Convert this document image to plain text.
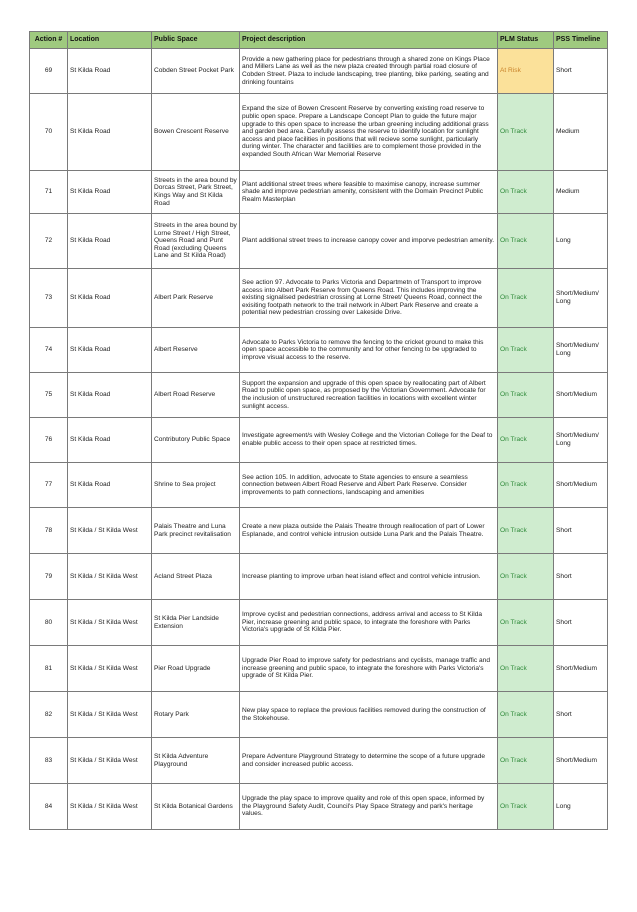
Action #	Location	Public Space	Project description	PLM Status	PSS Timeline
69	St Kilda Road	Cobden Street Pocket Park	Provide a new gathering place for pedestrians through a shared zone on Kings Place and Millers Lane as well as the new plaza created through partial road closure of Cobden Street. Plaza to include landscaping, tree planting, bike parking, seating and drinking fountains	At Risk	Short
70	St Kilda Road	Bowen Crescent Reserve	Expand the size of Bowen Crescent Reserve by converting existing road reserve to public open space. Prepare a Landscape Concept Plan to guide the future major upgrade to this open space to increase the urban greening including additional grass and garden bed area. Carefully assess the reserve to identify location for sunlight access and place facilities in positions that will recieve some sunlight, particularly during winter. The character and facilities are to complement those provided in the expanded South African War Memorial Reserve	On Track	Medium
71	St Kilda Road	Streets in the area bound by Dorcas Street, Park Street, Kings Way and St Kilda Road	Plant additional street trees where feasible to maximise canopy, increase summer shade and improve pedestrian amenity, consistent with the Domain Precinct Public Realm Masterplan	On Track	Medium
72	St Kilda Road	Streets in the area bound by Lorne Street / High Street, Queens Road and Punt Road (excluding Queens Lane and St Kilda Road)	Plant additional street trees to increase canopy cover and imporve pedestrian amenity.	On Track	Long
73	St Kilda Road	Albert Park Reserve	See action 97. Advocate to Parks Victoria and Departmetn of Transport to improve access into Albert Park Reserve from Queens Road. This includes improving the existing signalised pedestrian crossing at Lorne Street/ Queens Road, connect the exisiting footpath network to the trail network in Albert Park Reserve and create a potential new pedestrian crossing over Lakeside Drive.	On Track	Short/Medium/ Long
74	St Kilda Road	Albert Reserve	Advocate to Parks Victoria to remove the fencing to the cricket ground to make this open space accessible to the community and for other fencing to be upgraded to improve visual access to the reserve.	On Track	Short/Medium/ Long
75	St Kilda Road	Albert Road Reserve	Support the expansion and upgrade of this open space by reallocating part of Albert Road to public open space, as proposed by the Victorian Government. Advocate for the inclusion of unstructured recreation facilities in locations with excellent winter sunlight access.	On Track	Short/Medium
76	St Kilda Road	Contributory Public Space	Investigate agreement/s with Wesley College and the Victorian College for the Deaf to enable public access to their open space at restricted times.	On Track	Short/Medium/ Long
77	St Kilda Road	Shrine to Sea project	See action 105. In addition, advocate to State agencies to ensure a seamless connection between Albert Road Reserve and Albert Park Reserve. Consider improvements to path connections, landscaping and amenities	On Track	Short/Medium
78	St Kilda / St Kilda West	Palais Theatre and Luna Park precinct revitalisation	Create a new plaza outside the Palais Theatre through reallocation of part of Lower Esplanade, and control vehicle intrusion outside Luna Park and the Palais Theatre.	On Track	Short
79	St Kilda / St Kilda West	Acland Street Plaza	Increase planting to improve urban heat island effect and control vehicle intrusion.	On Track	Short
80	St Kilda / St Kilda West	St Kilda Pier Landside Extension	Improve cyclist and pedestrian connections, address arrival and access to St Kilda Pier, increase greening and public space, to integrate the foreshore with Parks Victoria's upgrade of St Kilda Pier.	On Track	Short
81	St Kilda / St Kilda West	Pier Road Upgrade	Upgrade Pier Road to improve safety for pedestrians and cyclists, manage traffic and increase greening and public space, to integrate the foreshore with Parks Victoria's upgrade of St Kilda Pier.	On Track	Short/Medium
82	St Kilda / St Kilda West	Rotary Park	New play space to replace the previous facilities removed during the construction of the Stokehouse.	On Track	Short
83	St Kilda / St Kilda West	St Kilda Adventure Playground	Prepare Adventure Playground Strategy to determine the scope of a future upgrade and consider increased public access.	On Track	Short/Medium
84	St Kilda / St Kilda West	St Kilda Botanical Gardens	Upgrade the play space to improve quality and role of this open space, informed by the Playground Safety Audit, Council's Play Space Strategy and park's heritage values.	On Track	Long
